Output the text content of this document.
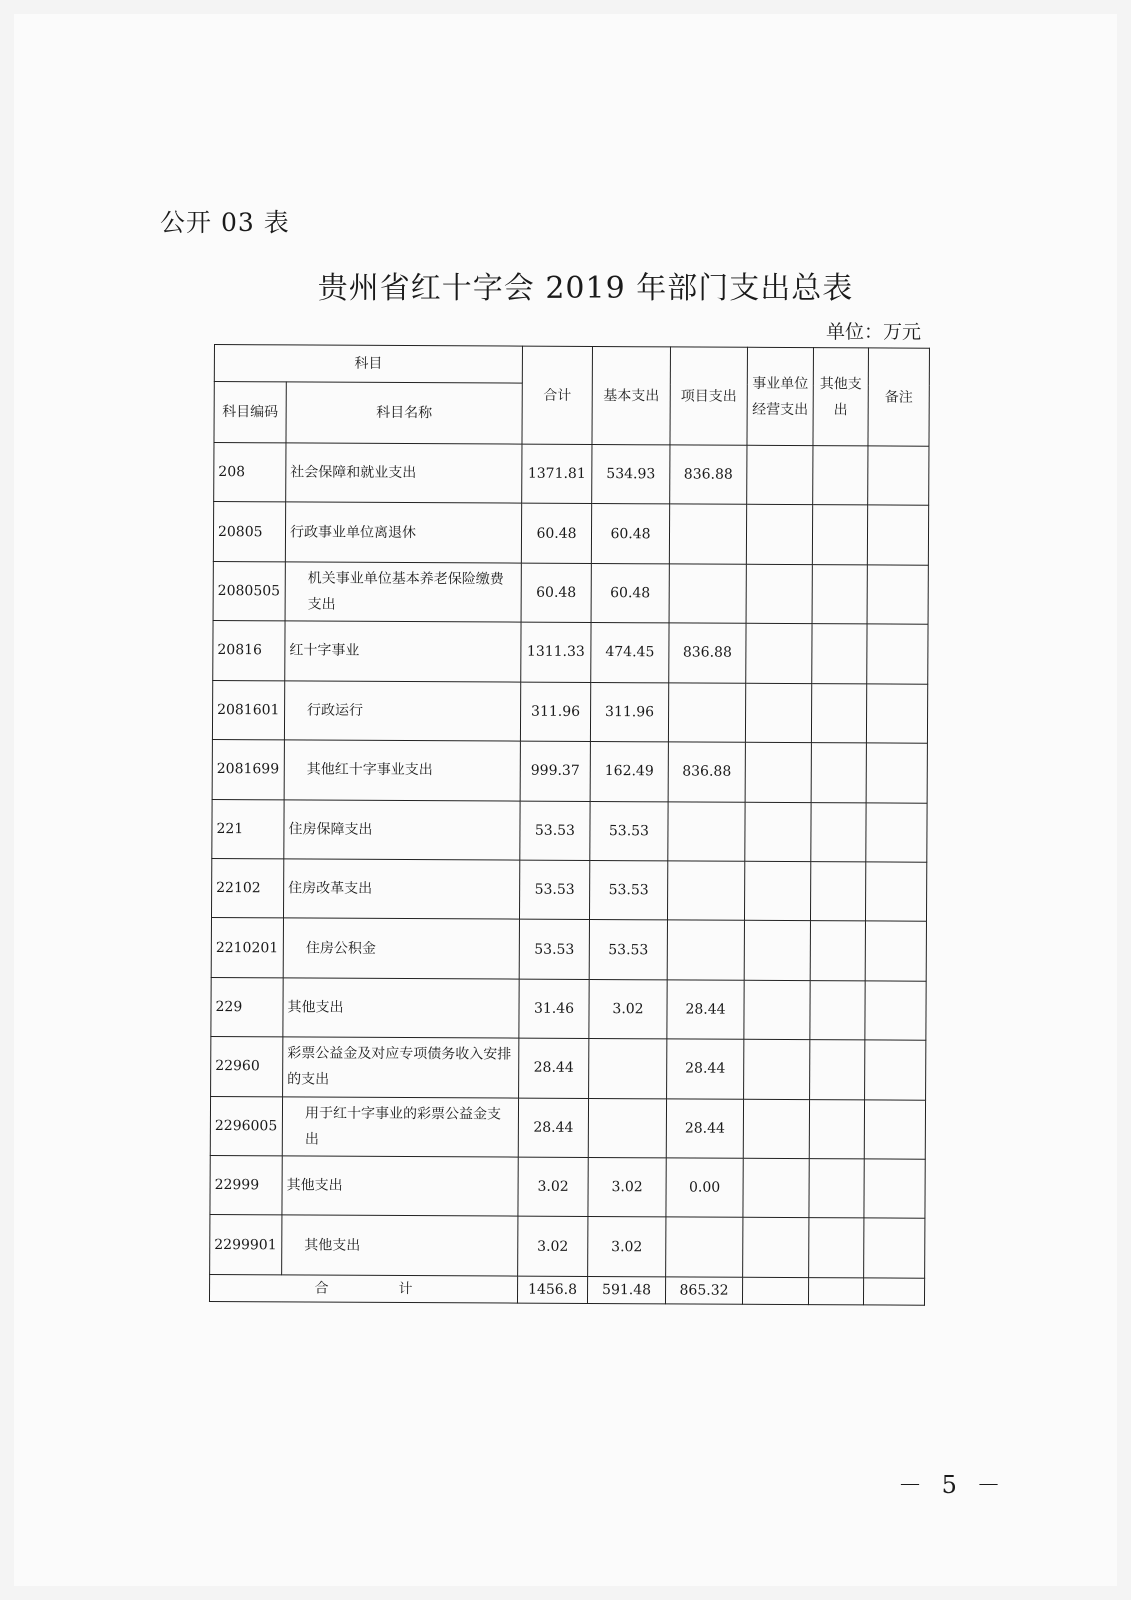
公开 03 表
贵州省红十字会 2019 年部门支出总表
单位：万元
科目		合计	基本支出	项目支出	事业单位经营支出	其他支出	备注
科目编码	科目名称						
208	社会保障和就业支出	1371.81	534.93	836.88			
20805	行政事业单位离退休	60.48	60.48				
2080505	机关事业单位基本养老保险缴费支出	60.48	60.48				
20816	红十字事业	1311.33	474.45	836.88			
2081601	行政运行	311.96	311.96				
2081699	其他红十字事业支出	999.37	162.49	836.88			
221	住房保障支出	53.53	53.53				
22102	住房改革支出	53.53	53.53				
2210201	住房公积金	53.53	53.53				
229	其他支出	31.46	3.02	28.44			
22960	彩票公益金及对应专项债务收入安排的支出	28.44		28.44			
2296005	用于红十字事业的彩票公益金支出	28.44		28.44			
22999	其他支出	3.02	3.02	0.00			
2299901	其他支出	3.02	3.02				
合　　　　　计		1456.8	591.48	865.32			
－ 5 －
